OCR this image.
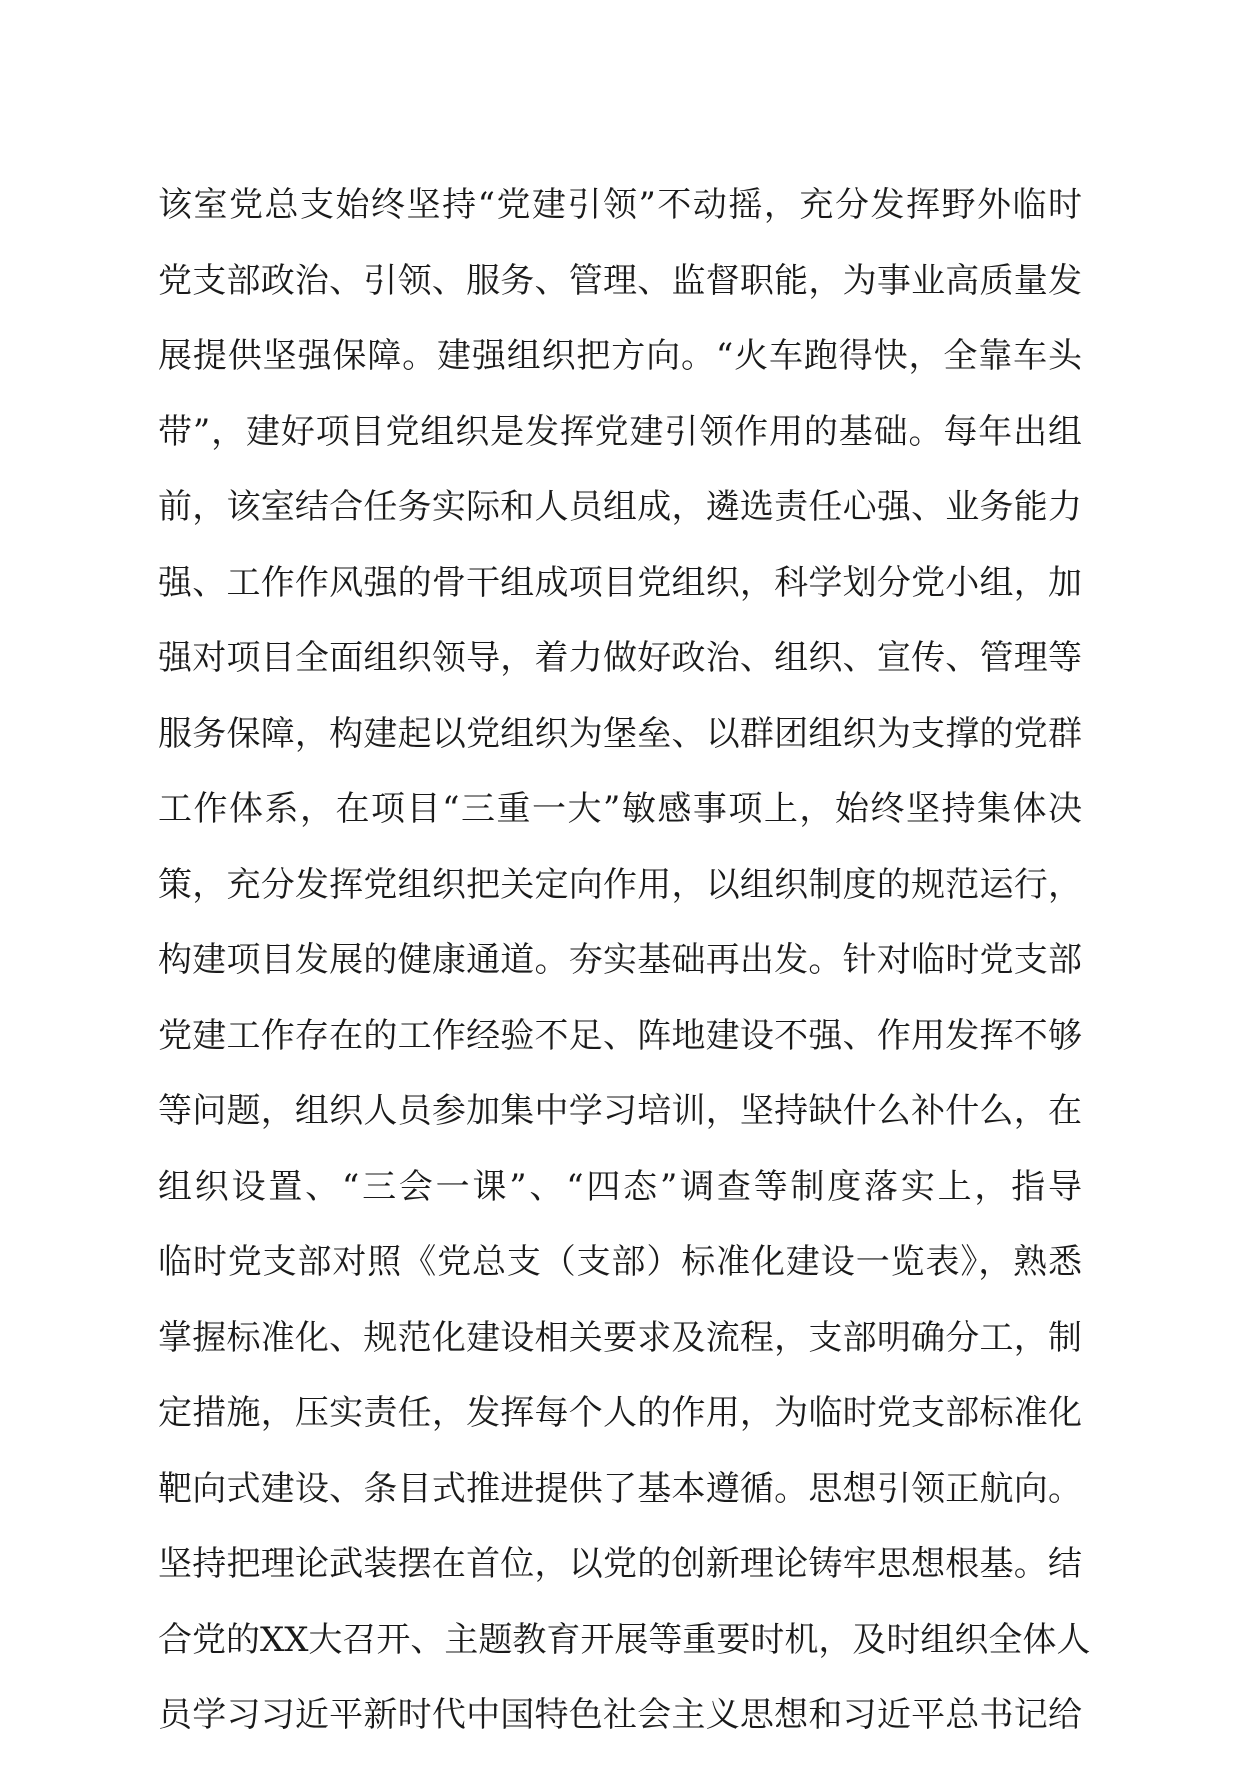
该室党总支始终坚持“党建引领”不动摇，充分发挥野外临时
党支部政治、引领、服务、管理、监督职能，为事业高质量发
展提供坚强保障。建强组织把方向。“火车跑得快，全靠车头
带”，建好项目党组织是发挥党建引领作用的基础。每年出组
前，该室结合任务实际和人员组成，遴选责任心强、业务能力
强、工作作风强的骨干组成项目党组织，科学划分党小组，加
强对项目全面组织领导，着力做好政治、组织、宣传、管理等
服务保障，构建起以党组织为堡垒、以群团组织为支撑的党群
工作体系，在项目“三重一大”敏感事项上，始终坚持集体决
策，充分发挥党组织把关定向作用，以组织制度的规范运行，
构建项目发展的健康通道。夯实基础再出发。针对临时党支部
党建工作存在的工作经验不足、阵地建设不强、作用发挥不够
等问题，组织人员参加集中学习培训，坚持缺什么补什么，在
组织设置、“三会一课”、“四态”调查等制度落实上，指导
临时党支部对照《党总支（支部）标准化建设一览表》，熟悉
掌握标准化、规范化建设相关要求及流程，支部明确分工，制
定措施，压实责任，发挥每个人的作用，为临时党支部标准化
靶向式建设、条目式推进提供了基本遵循。思想引领正航向。
坚持把理论武装摆在首位，以党的创新理论铸牢思想根基。结
合党的XX大召开、主题教育开展等重要时机，及时组织全体人
员学习习近平新时代中国特色社会主义思想和习近平总书记给
